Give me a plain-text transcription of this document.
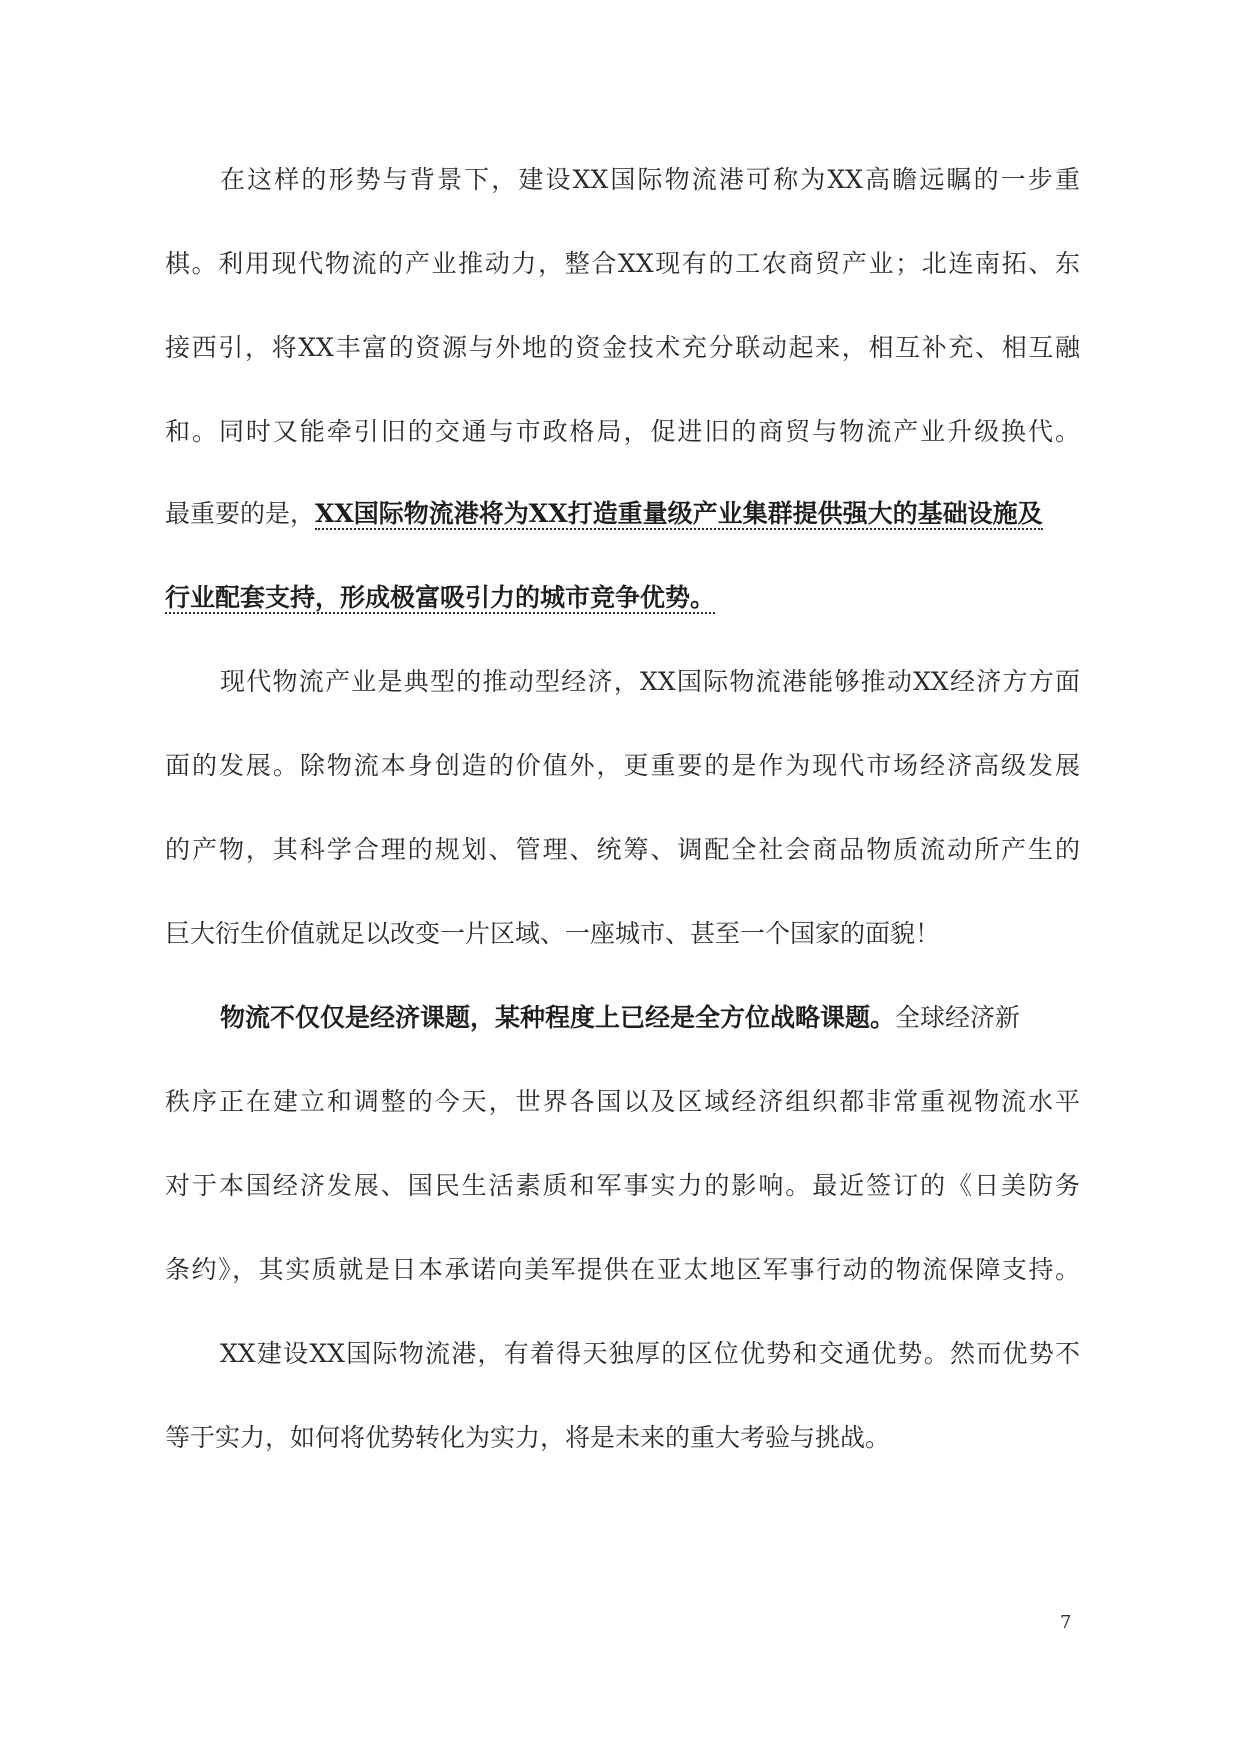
在这样的形势与背景下，建设XX国际物流港可称为XX高瞻远瞩的一步重
棋。利用现代物流的产业推动力，整合XX现有的工农商贸产业；北连南拓、东
接西引，将XX丰富的资源与外地的资金技术充分联动起来，相互补充、相互融
和。同时又能牵引旧的交通与市政格局，促进旧的商贸与物流产业升级换代。
最重要的是，XX国际物流港将为XX打造重量级产业集群提供强大的基础设施及
行业配套支持，形成极富吸引力的城市竞争优势。
现代物流产业是典型的推动型经济，XX国际物流港能够推动XX经济方方面
面的发展。除物流本身创造的价值外，更重要的是作为现代市场经济高级发展
的产物，其科学合理的规划、管理、统筹、调配全社会商品物质流动所产生的
巨大衍生价值就足以改变一片区域、一座城市、甚至一个国家的面貌！
物流不仅仅是经济课题，某种程度上已经是全方位战略课题。全球经济新
秩序正在建立和调整的今天，世界各国以及区域经济组织都非常重视物流水平
对于本国经济发展、国民生活素质和军事实力的影响。最近签订的《日美防务
条约》，其实质就是日本承诺向美军提供在亚太地区军事行动的物流保障支持。
XX建设XX国际物流港，有着得天独厚的区位优势和交通优势。然而优势不
等于实力，如何将优势转化为实力，将是未来的重大考验与挑战。
7
